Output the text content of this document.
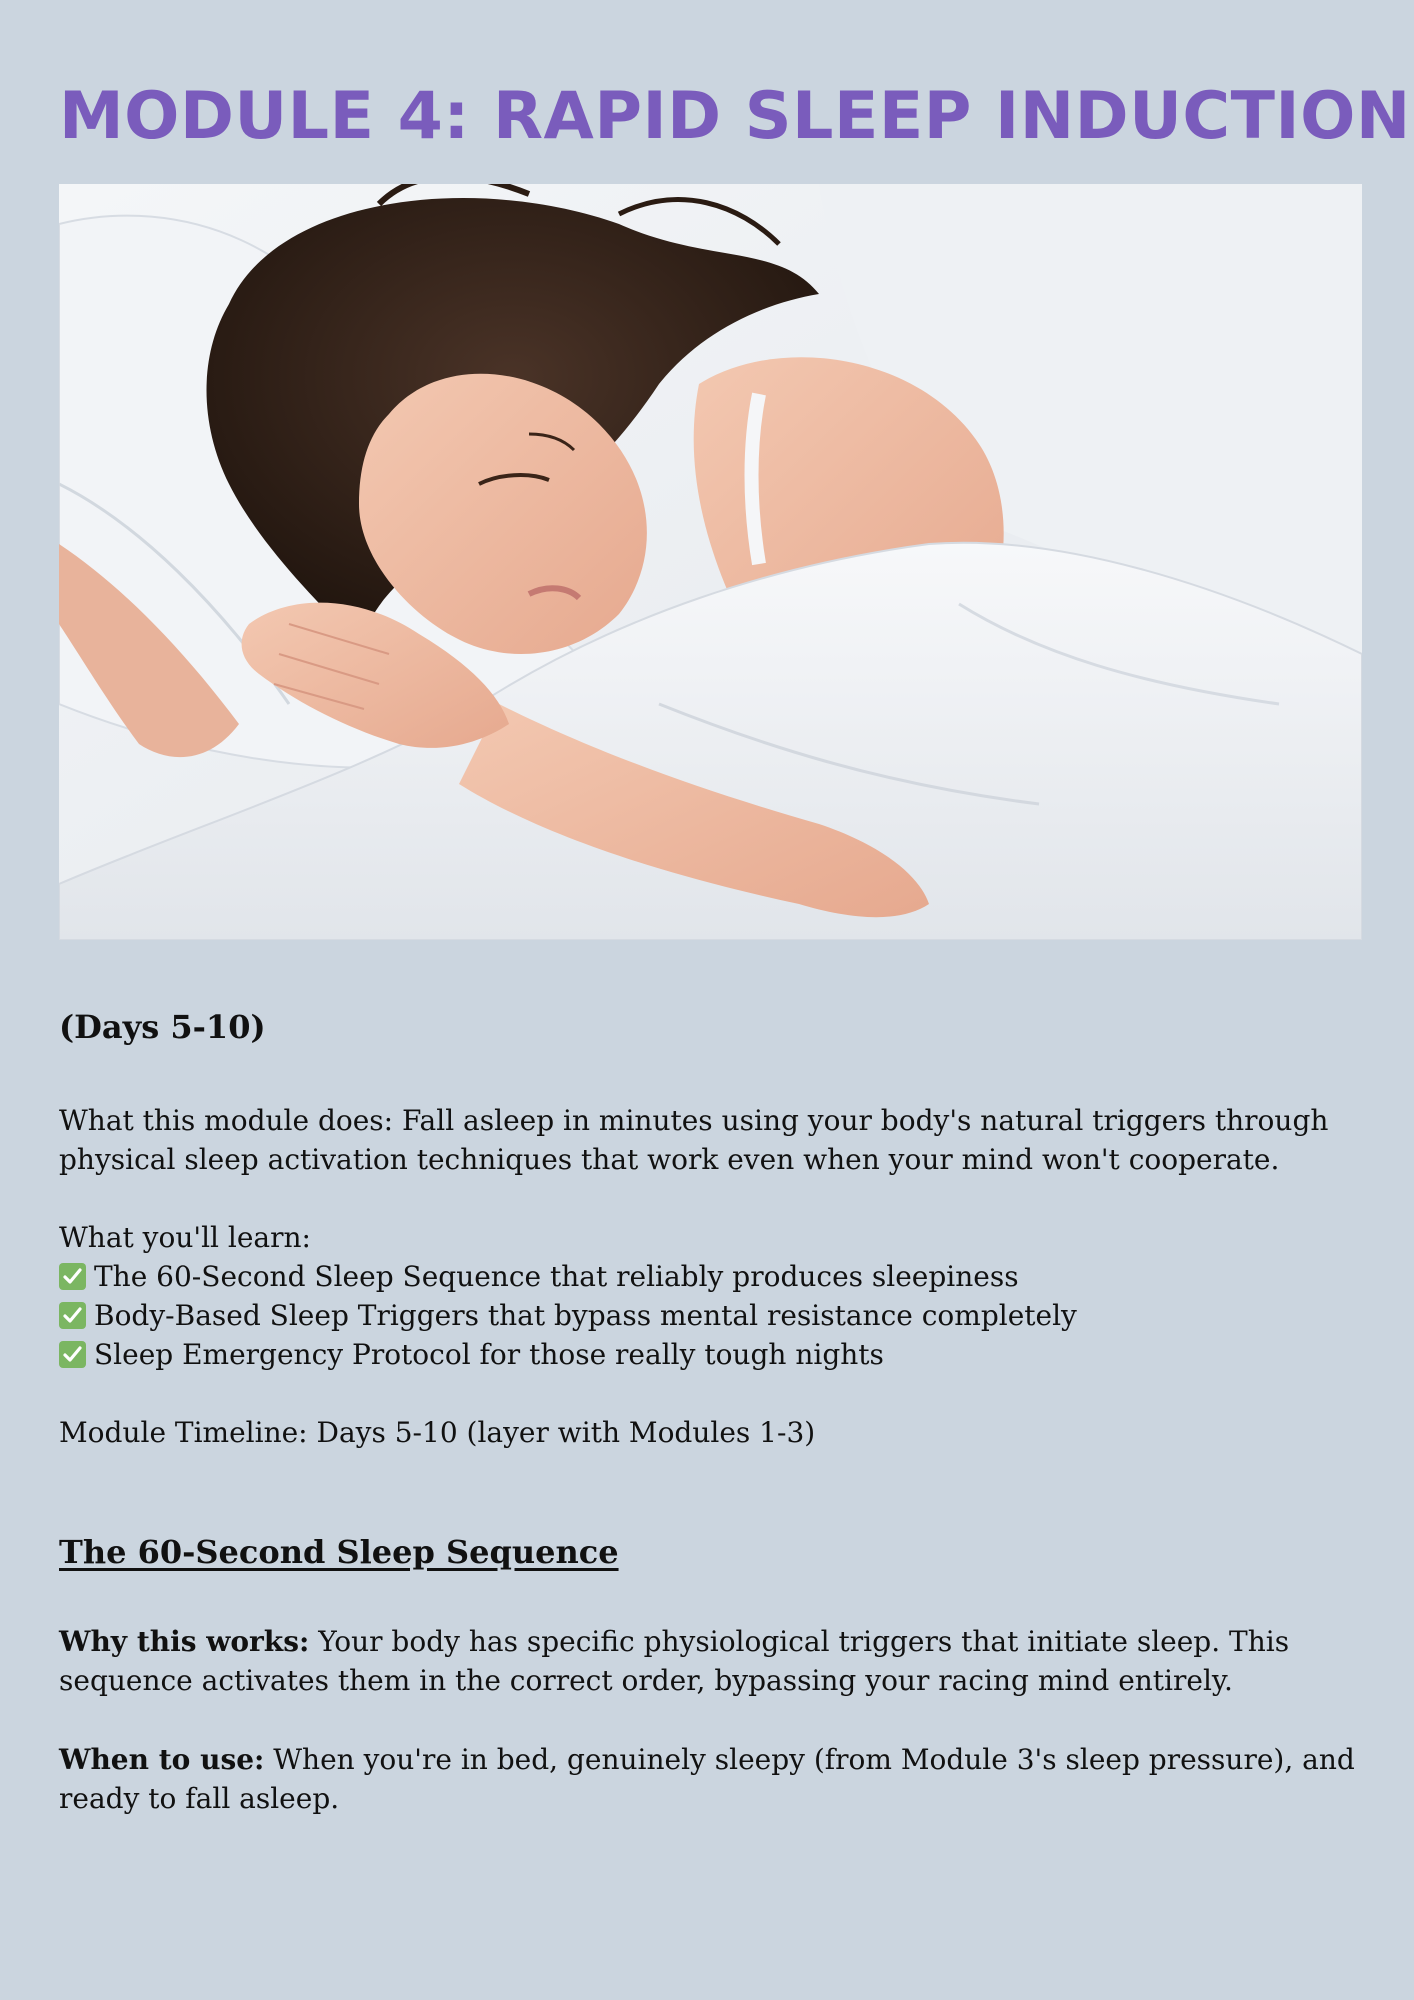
MODULE 4: RAPID SLEEP INDUCTION

(Days 5-10)

What this module does: Fall asleep in minutes using your body's natural triggers through physical sleep activation techniques that work even when your mind won't cooperate.

What you'll learn:

The 60-Second Sleep Sequence that reliably produces sleepiness
Body-Based Sleep Triggers that bypass mental resistance completely
Sleep Emergency Protocol for those really tough nights

Module Timeline: Days 5-10 (layer with Modules 1-3)

The 60-Second Sleep Sequence

Why this works: Your body has specific physiological triggers that initiate sleep. This sequence activates them in the correct order, bypassing your racing mind entirely.

When to use: When you're in bed, genuinely sleepy (from Module 3's sleep pressure), and ready to fall asleep.
